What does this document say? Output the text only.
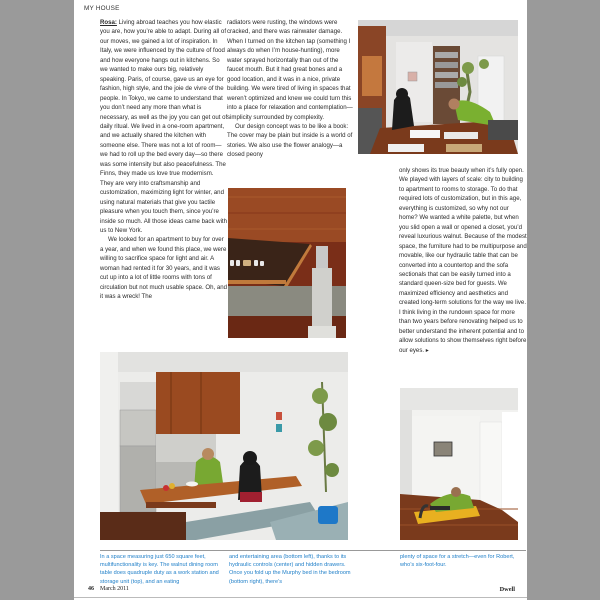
MY HOUSE

Rosa: Living abroad teaches you how elastic you are, how you’re able to adapt. During all of our moves, we gained a lot of inspiration. In Italy, we were influenced by the culture of food and how everyone hangs out in kitchens. So we wanted to make ours big, relatively speaking. Paris, of course, gave us an eye for fashion, high style, and the joie de vivre of the people. In Tokyo, we came to understand that you don’t need any more than what is necessary, as well as the joy you can get out of daily ritual. We lived in a one-room apartment, and we actually shared the kitchen with someone else. There was not a lot of room—we had to roll up the bed every day—so there was some intensity but also peacefulness. The Finns, they made us love true modernism. They are very into craftsmanship and customization, maximizing light for winter, and using natural materials that give you tactile pleasure when you touch them, since you’re inside so much. All those ideas came back with us to New York.

We looked for an apartment to buy for over a year, and when we found this place, we were willing to sacrifice space for light and air. A woman had rented it for 30 years, and it was cut up into a lot of little rooms with tons of circulation but not much usable space. Oh, and it was a wreck! The

radiators were rusting, the windows were cracked, and there was rainwater damage. When I turned on the kitchen tap (something I always do when I’m house-hunting), more water sprayed horizontally than out of the faucet mouth. But it had great bones and a good location, and it was in a nice, private building. We were tired of living in spaces that weren’t optimized and knew we could turn this into a place for relaxation and contemplation—simplicity surrounded by complexity.

Our design concept was to be like a book: The cover may be plain but inside is a world of stories. We also use the flower analogy—a closed peony

only shows its true beauty when it’s fully open. We played with layers of scale: city to building to apartment to rooms to storage. To do that required lots of customization, but in this age, everything is customized, so why not our home? We wanted a white palette, but when you slid open a wall or opened a closet, you’d reveal luxurious walnut. Because of the modest space, the furniture had to be multipurpose and movable, like our hydraulic table that can be converted into a countertop and the sofa sectionals that can be easily turned into a standard queen-size bed for guests. We maximized efficiency and aesthetics and created long-term solutions for the way we live. I think living in the rundown space for more than two years before renovating helped us to better understand the inherent potential and to allow solutions to show themselves right before our eyes. ▸

In a space measuring just 650 square feet, multifunctionality is key. The walnut dining room table does quadruple duty as a work station and storage unit (top), and an eating
and entertaining area (bottom left), thanks to its hydraulic controls (center) and hidden drawers. Once you fold up the Murphy bed in the bedroom (bottom right), there’s
plenty of space for a stretch—even for Robert, who’s six-foot-four.
46 March 2011	Dwell
